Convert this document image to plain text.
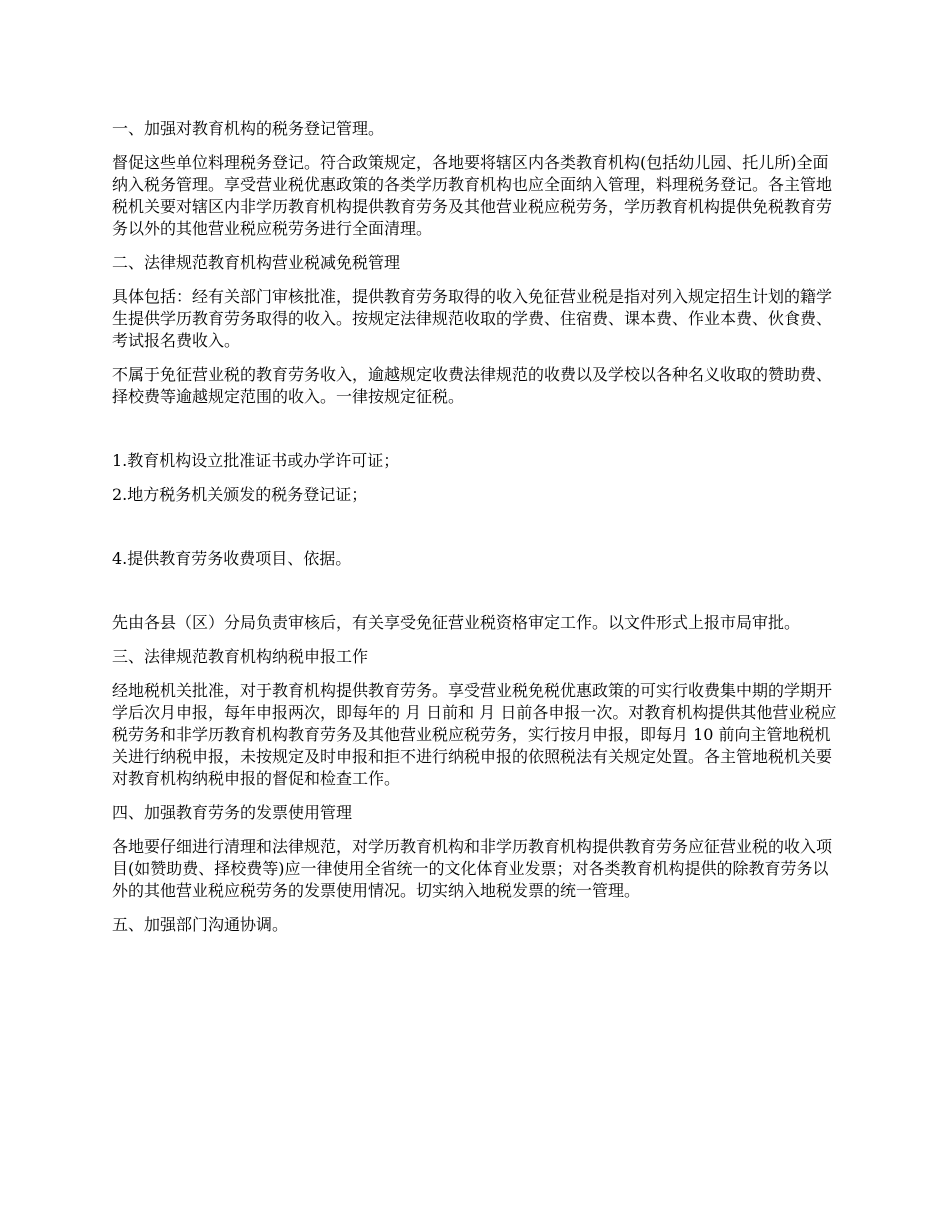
一、加强对教育机构的税务登记管理。

督促这些单位料理税务登记。符合政策规定，各地要将辖区内各类教育机构(包括幼儿园、托儿所)全面纳入税务管理。享受营业税优惠政策的各类学历教育机构也应全面纳入管理，料理税务登记。各主管地税机关要对辖区内非学历教育机构提供教育劳务及其他营业税应税劳务，学历教育机构提供免税教育劳务以外的其他营业税应税劳务进行全面清理。

二、法律规范教育机构营业税减免税管理

具体包括：经有关部门审核批准，提供教育劳务取得的收入免征营业税是指对列入规定招生计划的籍学生提供学历教育劳务取得的收入。按规定法律规范收取的学费、住宿费、课本费、作业本费、伙食费、考试报名费收入。

不属于免征营业税的教育劳务收入，逾越规定收费法律规范的收费以及学校以各种名义收取的赞助费、择校费等逾越规定范围的收入。一律按规定征税。

1.教育机构设立批准证书或办学许可证；

2.地方税务机关颁发的税务登记证；

4.提供教育劳务收费项目、依据。

先由各县（区）分局负责审核后，有关享受免征营业税资格审定工作。以文件形式上报市局审批。

三、法律规范教育机构纳税申报工作

经地税机关批准，对于教育机构提供教育劳务。享受营业税免税优惠政策的可实行收费集中期的学期开学后次月申报，每年申报两次，即每年的 月 日前和 月 日前各申报一次。对教育机构提供其他营业税应税劳务和非学历教育机构教育劳务及其他营业税应税劳务，实行按月申报，即每月 10 前向主管地税机关进行纳税申报，未按规定及时申报和拒不进行纳税申报的依照税法有关规定处置。各主管地税机关要对教育机构纳税申报的督促和检查工作。

四、加强教育劳务的发票使用管理

各地要仔细进行清理和法律规范，对学历教育机构和非学历教育机构提供教育劳务应征营业税的收入项目(如赞助费、择校费等)应一律使用全省统一的文化体育业发票；对各类教育机构提供的除教育劳务以外的其他营业税应税劳务的发票使用情况。切实纳入地税发票的统一管理。

五、加强部门沟通协调。
